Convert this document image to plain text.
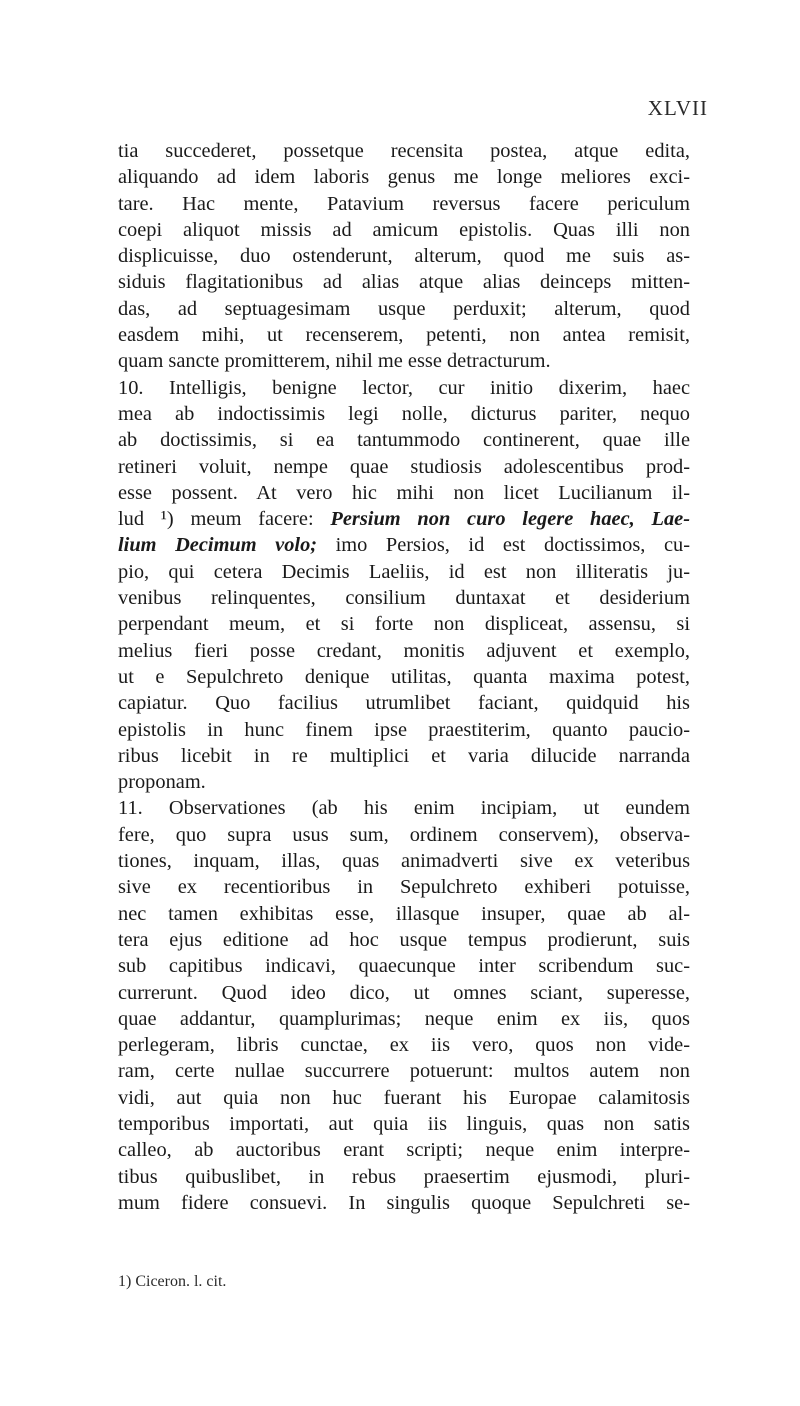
XLVII
tia succederet, possetque recensita postea, atque edita,
aliquando ad idem laboris genus me longe meliores exci-
tare. Hac mente, Patavium reversus facere periculum
coepi aliquot missis ad amicum epistolis. Quas illi non
displicuisse, duo ostenderunt, alterum, quod me suis as-
siduis flagitationibus ad alias atque alias deinceps mitten-
das, ad septuagesimam usque perduxit; alterum, quod
easdem mihi, ut recenserem, petenti, non antea remisit,
quam sancte promitterem, nihil me esse detracturum.
10. Intelligis, benigne lector, cur initio dixerim, haec
mea ab indoctissimis legi nolle, dicturus pariter, nequo
ab doctissimis, si ea tantummodo continerent, quae ille
retineri voluit, nempe quae studiosis adolescentibus prod-
esse possent. At vero hic mihi non licet Lucilianum il-
lud ¹) meum facere: Persium non curo legere haec, Lae-
lium Decimum volo; imo Persios, id est doctissimos, cu-
pio, qui cetera Decimis Laeliis, id est non illiteratis ju-
venibus relinquentes, consilium duntaxat et desiderium
perpendant meum, et si forte non displiceat, assensu, si
melius fieri posse credant, monitis adjuvent et exemplo,
ut e Sepulchreto denique utilitas, quanta maxima potest,
capiatur. Quo facilius utrumlibet faciant, quidquid his
epistolis in hunc finem ipse praestiterim, quanto paucio-
ribus licebit in re multiplici et varia dilucide narranda
proponam.
11. Observationes (ab his enim incipiam, ut eundem
fere, quo supra usus sum, ordinem conservem), observa-
tiones, inquam, illas, quas animadverti sive ex veteribus
sive ex recentioribus in Sepulchreto exhiberi potuisse,
nec tamen exhibitas esse, illasque insuper, quae ab al-
tera ejus editione ad hoc usque tempus prodierunt, suis
sub capitibus indicavi, quaecunque inter scribendum suc-
currerunt. Quod ideo dico, ut omnes sciant, superesse,
quae addantur, quamplurimas; neque enim ex iis, quos
perlegeram, libris cunctae, ex iis vero, quos non vide-
ram, certe nullae succurrere potuerunt: multos autem non
vidi, aut quia non huc fuerant his Europae calamitosis
temporibus importati, aut quia iis linguis, quas non satis
calleo, ab auctoribus erant scripti; neque enim interpre-
tibus quibuslibet, in rebus praesertim ejusmodi, pluri-
mum fidere consuevi. In singulis quoque Sepulchreti se-
1) Ciceron. l. cit.
